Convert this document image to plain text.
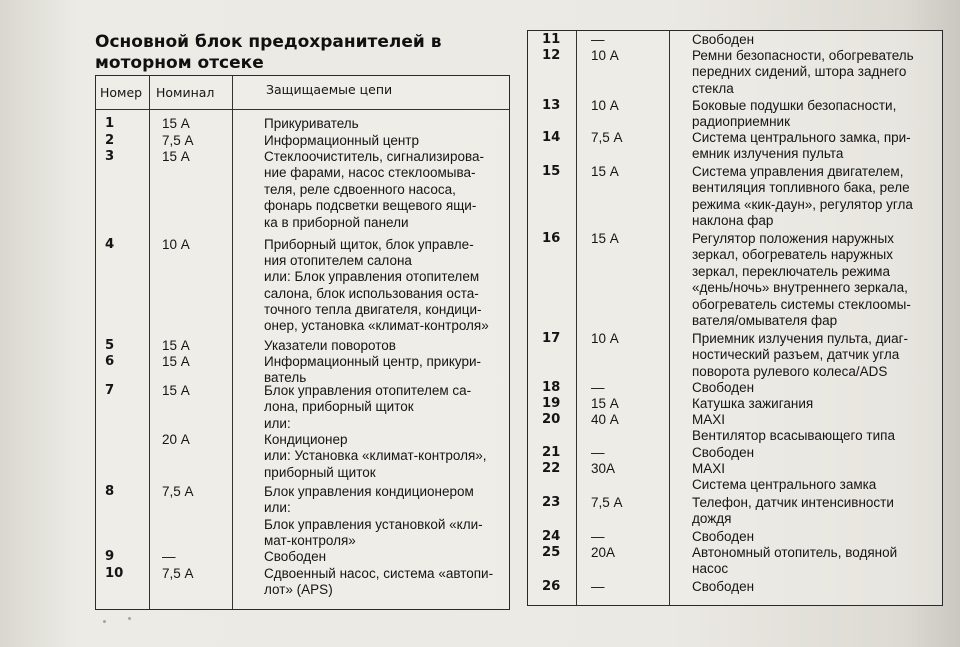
Основной блок предохранителей в
моторном отсеке
Номер Номинал	Защищаемые цепи
1	15 А	Прикуриватель
2	7,5 А	Информационный центр
3	15 А	Стеклоочиститель, сигнализирова-
ние фарами, насос стеклоомыва-
теля, реле сдвоенного насоса,
фонарь подсветки вещевого ящи-
ка в приборной панели
4	10 А	Приборный щиток, блок управле-
ния отопителем салона
или: Блок управления отопителем
салона, блок использования оста-
точного тепла двигателя, кондици-
онер, установка «климат-контроля»
5	15 А	Указатели поворотов
6	15 А	Информационный центр, прикури-
ватель
7	15 А	Блок управления отопителем са-
лона, приборный щиток
или:
20 А	Кондиционер
или: Установка «климат-контроля»,
приборный щиток
8	7,5 А	Блок управления кондиционером
или:
Блок управления установкой «кли-
мат-контроля»
9	—	Свободен
10	7,5 А	Сдвоенный насос, система «автопи-
лот» (APS)
11 —	Свободен
12 10 А	Ремни безопасности, обогреватель
передних сидений, штора заднего
стекла
13 10 А	Боковые подушки безопасности,
радиоприемник
14 7,5 А	Система центрального замка, при-
емник излучения пульта
15 15 А	Система управления двигателем,
вентиляция топливного бака, реле
режима «кик-даун», регулятор угла
наклона фар
16 15 А	Регулятор положения наружных
зеркал, обогреватель наружных
зеркал, переключатель режима
«день/ночь» внутреннего зеркала,
обогреватель системы стеклоомы-
вателя/омывателя фар
17 10 А	Приемник излучения пульта, диаг-
ностический разъем, датчик угла
поворота рулевого колеса/ADS
18 —	Свободен
19 15 А	Катушка зажигания
20 40 А	MAXI
Вентилятор всасывающего типа
21 —	Свободен
22 30А	MAXI
Система центрального замка
23 7,5 А	Телефон, датчик интенсивности
дождя
24 —	Свободен
25 20А	Автономный отопитель, водяной
насос
26 —	Свободен
